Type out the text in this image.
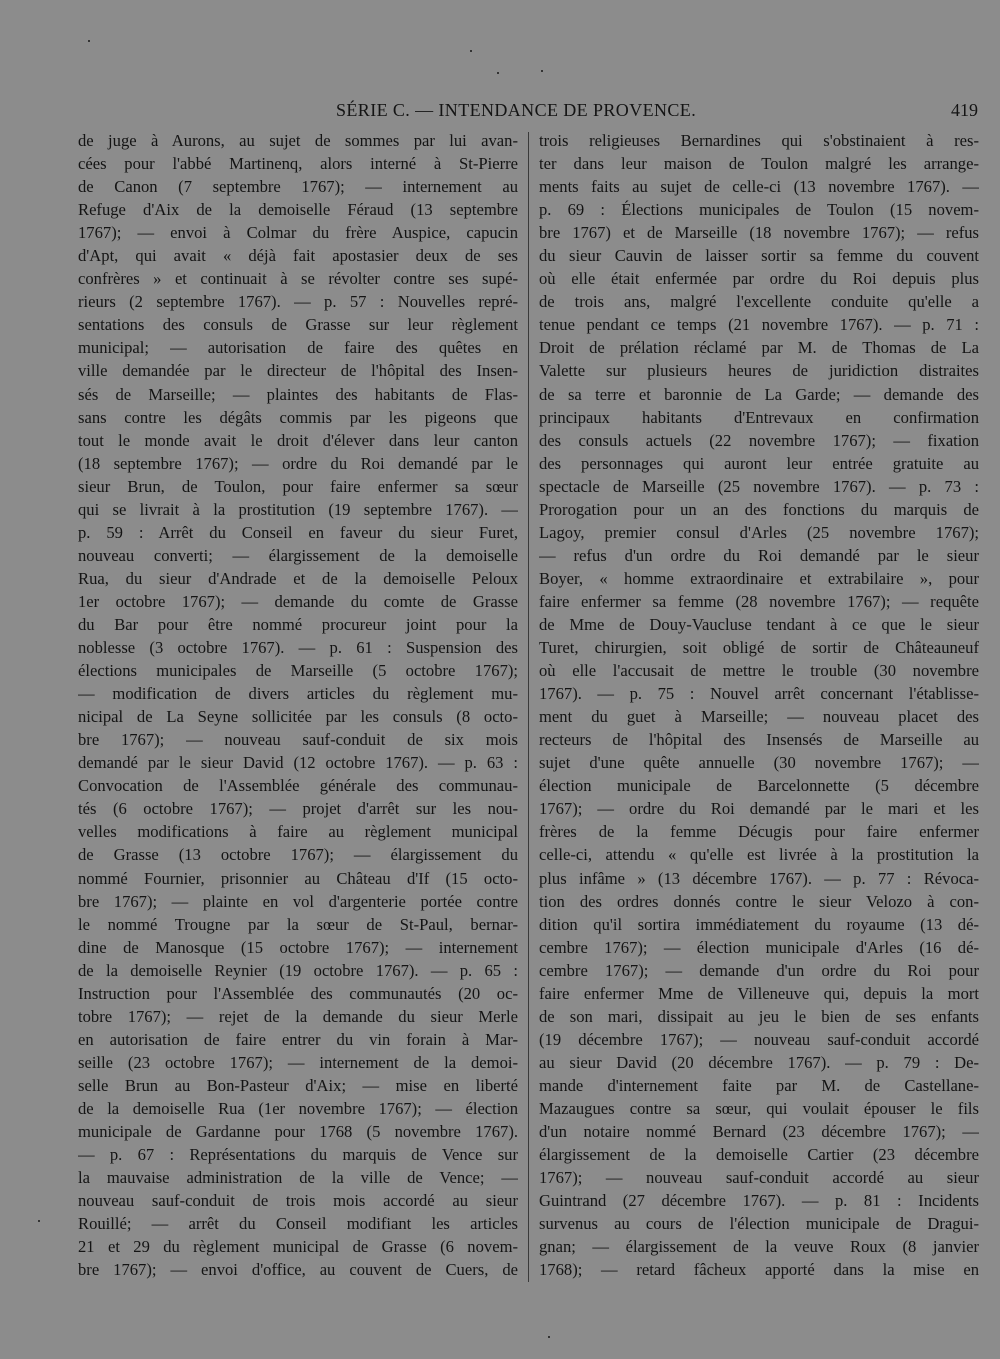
SÉRIE C. — INTENDANCE DE PROVENCE.	419
de juge à Aurons, au sujet de sommes par lui avan-
cées pour l'abbé Martinenq, alors interné à St-Pierre
de Canon (7 septembre 1767); — internement au
Refuge d'Aix de la demoiselle Féraud (13 septembre
1767); — envoi à Colmar du frère Auspice, capucin
d'Apt, qui avait « déjà fait apostasier deux de ses
confrères » et continuait à se révolter contre ses supé-
rieurs (2 septembre 1767). — p. 57 : Nouvelles repré-
sentations des consuls de Grasse sur leur règlement
municipal; — autorisation de faire des quêtes en
ville demandée par le directeur de l'hôpital des Insen-
sés de Marseille; — plaintes des habitants de Flas-
sans contre les dégâts commis par les pigeons que
tout le monde avait le droit d'élever dans leur canton
(18 septembre 1767); — ordre du Roi demandé par le
sieur Brun, de Toulon, pour faire enfermer sa sœur
qui se livrait à la prostitution (19 septembre 1767). —
p. 59 : Arrêt du Conseil en faveur du sieur Furet,
nouveau converti; — élargissement de la demoiselle
Rua, du sieur d'Andrade et de la demoiselle Peloux
1er octobre 1767); — demande du comte de Grasse
du Bar pour être nommé procureur joint pour la
noblesse (3 octobre 1767). — p. 61 : Suspension des
élections municipales de Marseille (5 octobre 1767);
— modification de divers articles du règlement mu-
nicipal de La Seyne sollicitée par les consuls (8 octo-
bre 1767); — nouveau sauf-conduit de six mois
demandé par le sieur David (12 octobre 1767). — p. 63 :
Convocation de l'Assemblée générale des communau-
tés (6 octobre 1767); — projet d'arrêt sur les nou-
velles modifications à faire au règlement municipal
de Grasse (13 octobre 1767); — élargissement du
nommé Fournier, prisonnier au Château d'If (15 octo-
bre 1767); — plainte en vol d'argenterie portée contre
le nommé Trougne par la sœur de St-Paul, bernar-
dine de Manosque (15 octobre 1767); — internement
de la demoiselle Reynier (19 octobre 1767). — p. 65 :
Instruction pour l'Assemblée des communautés (20 oc-
tobre 1767); — rejet de la demande du sieur Merle
en autorisation de faire entrer du vin forain à Mar-
seille (23 octobre 1767); — internement de la demoi-
selle Brun au Bon-Pasteur d'Aix; — mise en liberté
de la demoiselle Rua (1er novembre 1767); — élection
municipale de Gardanne pour 1768 (5 novembre 1767).
— p. 67 : Représentations du marquis de Vence sur
la mauvaise administration de la ville de Vence; —
nouveau sauf-conduit de trois mois accordé au sieur
Rouillé; — arrêt du Conseil modifiant les articles
21 et 29 du règlement municipal de Grasse (6 novem-
bre 1767); — envoi d'office, au couvent de Cuers, de
trois religieuses Bernardines qui s'obstinaient à res-
ter dans leur maison de Toulon malgré les arrange-
ments faits au sujet de celle-ci (13 novembre 1767). —
p. 69 : Élections municipales de Toulon (15 novem-
bre 1767) et de Marseille (18 novembre 1767); — refus
du sieur Cauvin de laisser sortir sa femme du couvent
où elle était enfermée par ordre du Roi depuis plus
de trois ans, malgré l'excellente conduite qu'elle a
tenue pendant ce temps (21 novembre 1767). — p. 71 :
Droit de prélation réclamé par M. de Thomas de La
Valette sur plusieurs heures de juridiction distraites
de sa terre et baronnie de La Garde; — demande des
principaux habitants d'Entrevaux en confirmation
des consuls actuels (22 novembre 1767); — fixation
des personnages qui auront leur entrée gratuite au
spectacle de Marseille (25 novembre 1767). — p. 73 :
Prorogation pour un an des fonctions du marquis de
Lagoy, premier consul d'Arles (25 novembre 1767);
— refus d'un ordre du Roi demandé par le sieur
Boyer, « homme extraordinaire et extrabilaire », pour
faire enfermer sa femme (28 novembre 1767); — requête
de Mme de Douy-Vaucluse tendant à ce que le sieur
Turet, chirurgien, soit obligé de sortir de Châteauneuf
où elle l'accusait de mettre le trouble (30 novembre
1767). — p. 75 : Nouvel arrêt concernant l'établisse-
ment du guet à Marseille; — nouveau placet des
recteurs de l'hôpital des Insensés de Marseille au
sujet d'une quête annuelle (30 novembre 1767); —
élection municipale de Barcelonnette (5 décembre
1767); — ordre du Roi demandé par le mari et les
frères de la femme Décugis pour faire enfermer
celle-ci, attendu « qu'elle est livrée à la prostitution la
plus infâme » (13 décembre 1767). — p. 77 : Révoca-
tion des ordres donnés contre le sieur Velozo à con-
dition qu'il sortira immédiatement du royaume (13 dé-
cembre 1767); — élection municipale d'Arles (16 dé-
cembre 1767); — demande d'un ordre du Roi pour
faire enfermer Mme de Villeneuve qui, depuis la mort
de son mari, dissipait au jeu le bien de ses enfants
(19 décembre 1767); — nouveau sauf-conduit accordé
au sieur David (20 décembre 1767). — p. 79 : De-
mande d'internement faite par M. de Castellane-
Mazaugues contre sa sœur, qui voulait épouser le fils
d'un notaire nommé Bernard (23 décembre 1767); —
élargissement de la demoiselle Cartier (23 décembre
1767); — nouveau sauf-conduit accordé au sieur
Guintrand (27 décembre 1767). — p. 81 : Incidents
survenus au cours de l'élection municipale de Dragui-
gnan; — élargissement de la veuve Roux (8 janvier
1768); — retard fâcheux apporté dans la mise en
